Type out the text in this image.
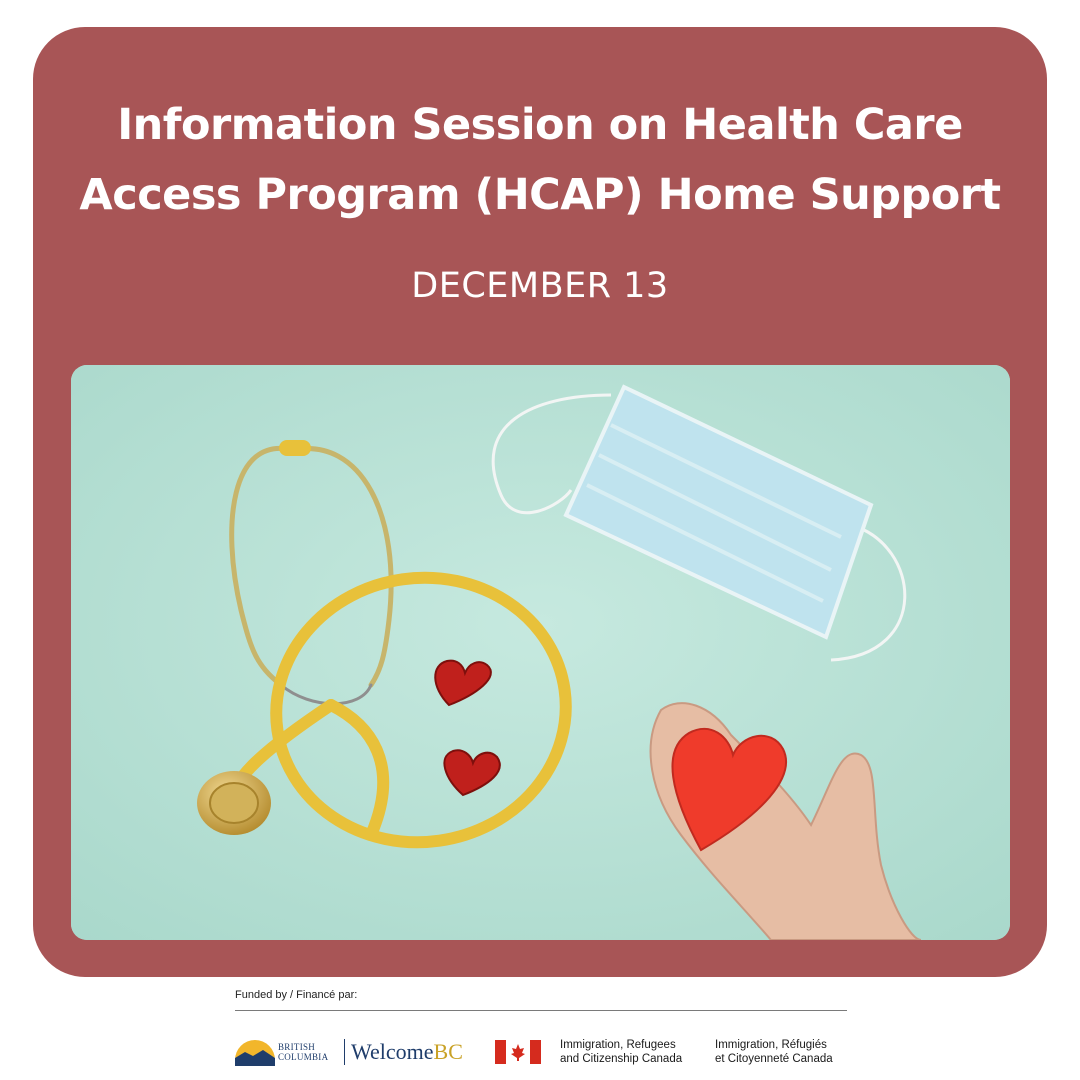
Information Session on Health Care
Access Program (HCAP) Home Support
DECEMBER 13
Funded by / Financé par:
BRITISH
COLUMBIA WelcomeBC	Immigration, Refugees
and Citizenship Canada
Immigration, Réfugiés
et Citoyenneté Canada
